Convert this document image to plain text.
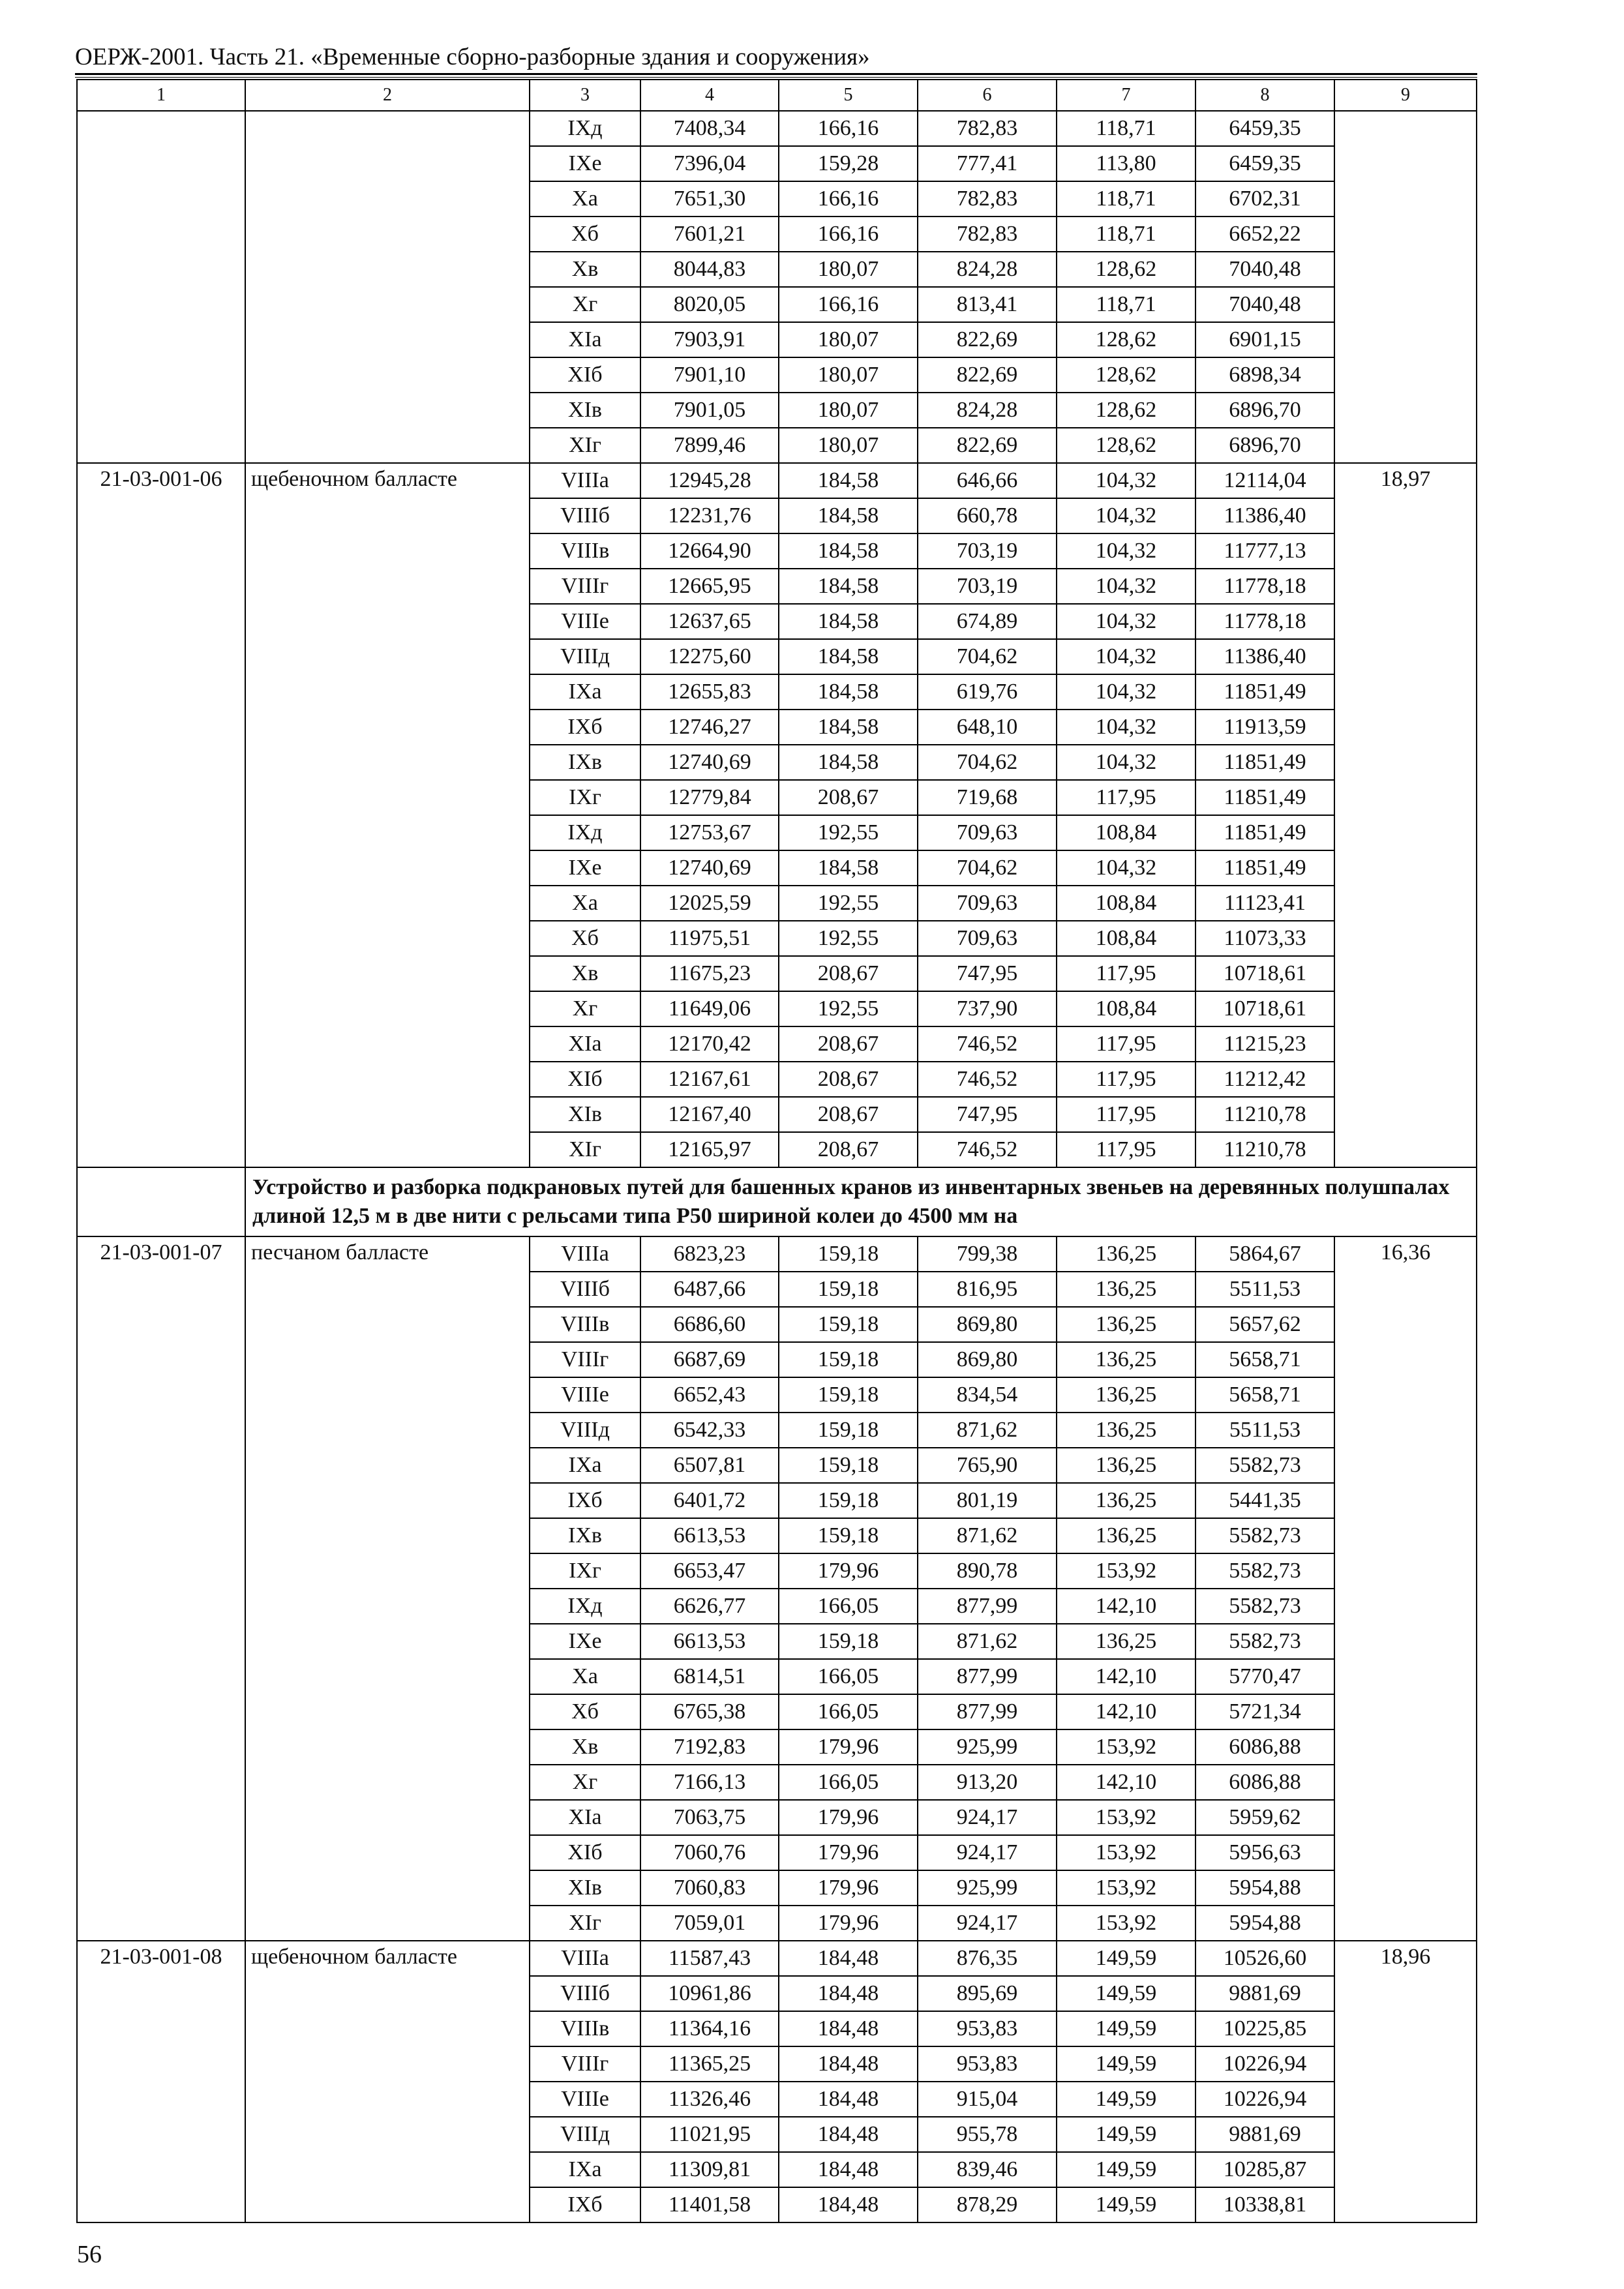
ОЕРЖ-2001. Часть 21. «Временные сборно-разборные здания и сооружения»
1	2	3	4	5	6	7	8	9
		IXд	7408,34	166,16	782,83	118,71	6459,35	
		IXе	7396,04	159,28	777,41	113,80	6459,35	
		Xа	7651,30	166,16	782,83	118,71	6702,31	
		Xб	7601,21	166,16	782,83	118,71	6652,22	
		Xв	8044,83	180,07	824,28	128,62	7040,48	
		Xг	8020,05	166,16	813,41	118,71	7040,48	
		XIа	7903,91	180,07	822,69	128,62	6901,15	
		XIб	7901,10	180,07	822,69	128,62	6898,34	
		XIв	7901,05	180,07	824,28	128,62	6896,70	
		XIг	7899,46	180,07	822,69	128,62	6896,70	
21-03-001-06	щебеночном балласте	VIIIа	12945,28	184,58	646,66	104,32	12114,04	18,97
		VIIIб	12231,76	184,58	660,78	104,32	11386,40	
		VIIIв	12664,90	184,58	703,19	104,32	11777,13	
		VIIIг	12665,95	184,58	703,19	104,32	11778,18	
		VIIIе	12637,65	184,58	674,89	104,32	11778,18	
		VIIIд	12275,60	184,58	704,62	104,32	11386,40	
		IXа	12655,83	184,58	619,76	104,32	11851,49	
		IXб	12746,27	184,58	648,10	104,32	11913,59	
		IXв	12740,69	184,58	704,62	104,32	11851,49	
		IXг	12779,84	208,67	719,68	117,95	11851,49	
		IXд	12753,67	192,55	709,63	108,84	11851,49	
		IXе	12740,69	184,58	704,62	104,32	11851,49	
		Xа	12025,59	192,55	709,63	108,84	11123,41	
		Xб	11975,51	192,55	709,63	108,84	11073,33	
		Xв	11675,23	208,67	747,95	117,95	10718,61	
		Xг	11649,06	192,55	737,90	108,84	10718,61	
		XIа	12170,42	208,67	746,52	117,95	11215,23	
		XIб	12167,61	208,67	746,52	117,95	11212,42	
		XIв	12167,40	208,67	747,95	117,95	11210,78	
		XIг	12165,97	208,67	746,52	117,95	11210,78	
	Устройство и разборка подкрановых путей для башенных кранов из инвентарных звеньев на деревянных полушпалах длиной 12,5 м в две нити с рельсами типа Р50 шириной колеи до 4500 мм на							
21-03-001-07	песчаном балласте	VIIIа	6823,23	159,18	799,38	136,25	5864,67	16,36
		VIIIб	6487,66	159,18	816,95	136,25	5511,53	
		VIIIв	6686,60	159,18	869,80	136,25	5657,62	
		VIIIг	6687,69	159,18	869,80	136,25	5658,71	
		VIIIе	6652,43	159,18	834,54	136,25	5658,71	
		VIIIд	6542,33	159,18	871,62	136,25	5511,53	
		IXа	6507,81	159,18	765,90	136,25	5582,73	
		IXб	6401,72	159,18	801,19	136,25	5441,35	
		IXв	6613,53	159,18	871,62	136,25	5582,73	
		IXг	6653,47	179,96	890,78	153,92	5582,73	
		IXд	6626,77	166,05	877,99	142,10	5582,73	
		IXе	6613,53	159,18	871,62	136,25	5582,73	
		Xа	6814,51	166,05	877,99	142,10	5770,47	
		Xб	6765,38	166,05	877,99	142,10	5721,34	
		Xв	7192,83	179,96	925,99	153,92	6086,88	
		Xг	7166,13	166,05	913,20	142,10	6086,88	
		XIа	7063,75	179,96	924,17	153,92	5959,62	
		XIб	7060,76	179,96	924,17	153,92	5956,63	
		XIв	7060,83	179,96	925,99	153,92	5954,88	
		XIг	7059,01	179,96	924,17	153,92	5954,88	
21-03-001-08	щебеночном балласте	VIIIа	11587,43	184,48	876,35	149,59	10526,60	18,96
		VIIIб	10961,86	184,48	895,69	149,59	9881,69	
		VIIIв	11364,16	184,48	953,83	149,59	10225,85	
		VIIIг	11365,25	184,48	953,83	149,59	10226,94	
		VIIIе	11326,46	184,48	915,04	149,59	10226,94	
		VIIIд	11021,95	184,48	955,78	149,59	9881,69	
		IXа	11309,81	184,48	839,46	149,59	10285,87	
		IXб	11401,58	184,48	878,29	149,59	10338,81	
56
